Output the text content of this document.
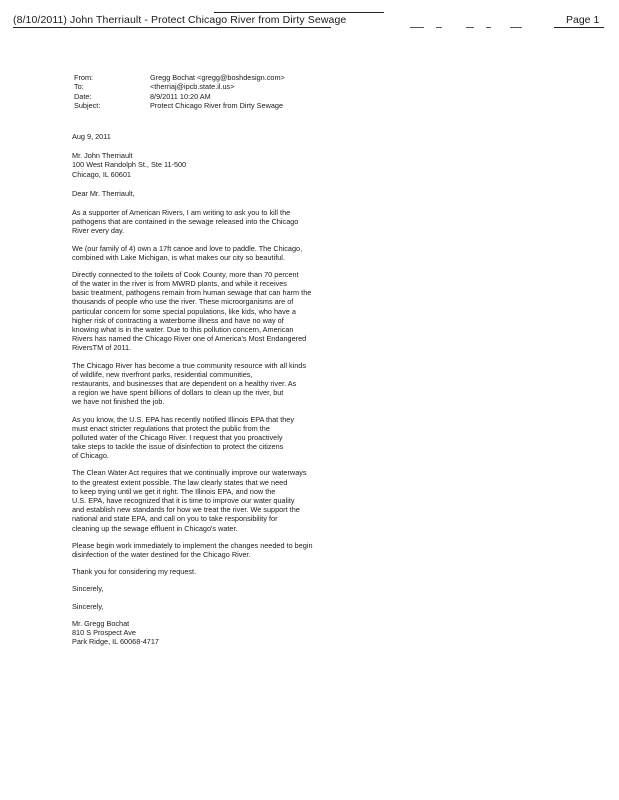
(8/10/2011) John Therriault - Protect Chicago River from Dirty Sewage	Page 1
From:	Gregg Bochat <gregg@boshdesign.com>
To:	<therriaj@ipcb.state.il.us>
Date:	8/9/2011 10:20 AM
Subject:	Protect Chicago River from Dirty Sewage
Aug 9, 2011
Mr. John Therriault
100 West Randolph St., Ste 11-500
Chicago, IL 60601
Dear Mr. Therriault,
As a supporter of American Rivers, I am writing to ask you to kill the
pathogens that are contained in the sewage released into the Chicago
River every day.
We (our family of 4) own a 17ft canoe and love to paddle. The Chicago,
combined with Lake Michigan, is what makes our city so beautiful.
Directly connected to the toilets of Cook County, more than 70 percent
of the water in the river is from MWRD plants, and while it receives
basic treatment, pathogens remain from human sewage that can harm the
thousands of people who use the river. These microorganisms are of
particular concern for some special populations, like kids, who have a
higher risk of contracting a waterborne illness and have no way of
knowing what is in the water. Due to this pollution concern, American
Rivers has named the Chicago River one of America's Most Endangered
RiversTM of 2011.
The Chicago River has become a true community resource with all kinds
of wildlife, new riverfront parks, residential communities,
restaurants, and businesses that are dependent on a healthy river. As
a region we have spent billions of dollars to clean up the river, but
we have not finished the job.
As you know, the U.S. EPA has recently notified Illinois EPA that they
must enact stricter regulations that protect the public from the
polluted water of the Chicago River. I request that you proactively
take steps to tackle the issue of disinfection to protect the citizens
of Chicago.
The Clean Water Act requires that we continually improve our waterways
to the greatest extent possible. The law clearly states that we need
to keep trying until we get it right. The Illinois EPA, and now the
U.S. EPA, have recognized that it is time to improve our water quality
and establish new standards for how we treat the river. We support the
national and state EPA, and call on you to take responsibility for
cleaning up the sewage effluent in Chicago's water.
Please begin work immediately to implement the changes needed to begin
disinfection of the water destined for the Chicago River.
Thank you for considering my request.
Sincerely,
Sincerely,
Mr. Gregg Bochat
810 S Prospect Ave
Park Ridge, IL 60068-4717
